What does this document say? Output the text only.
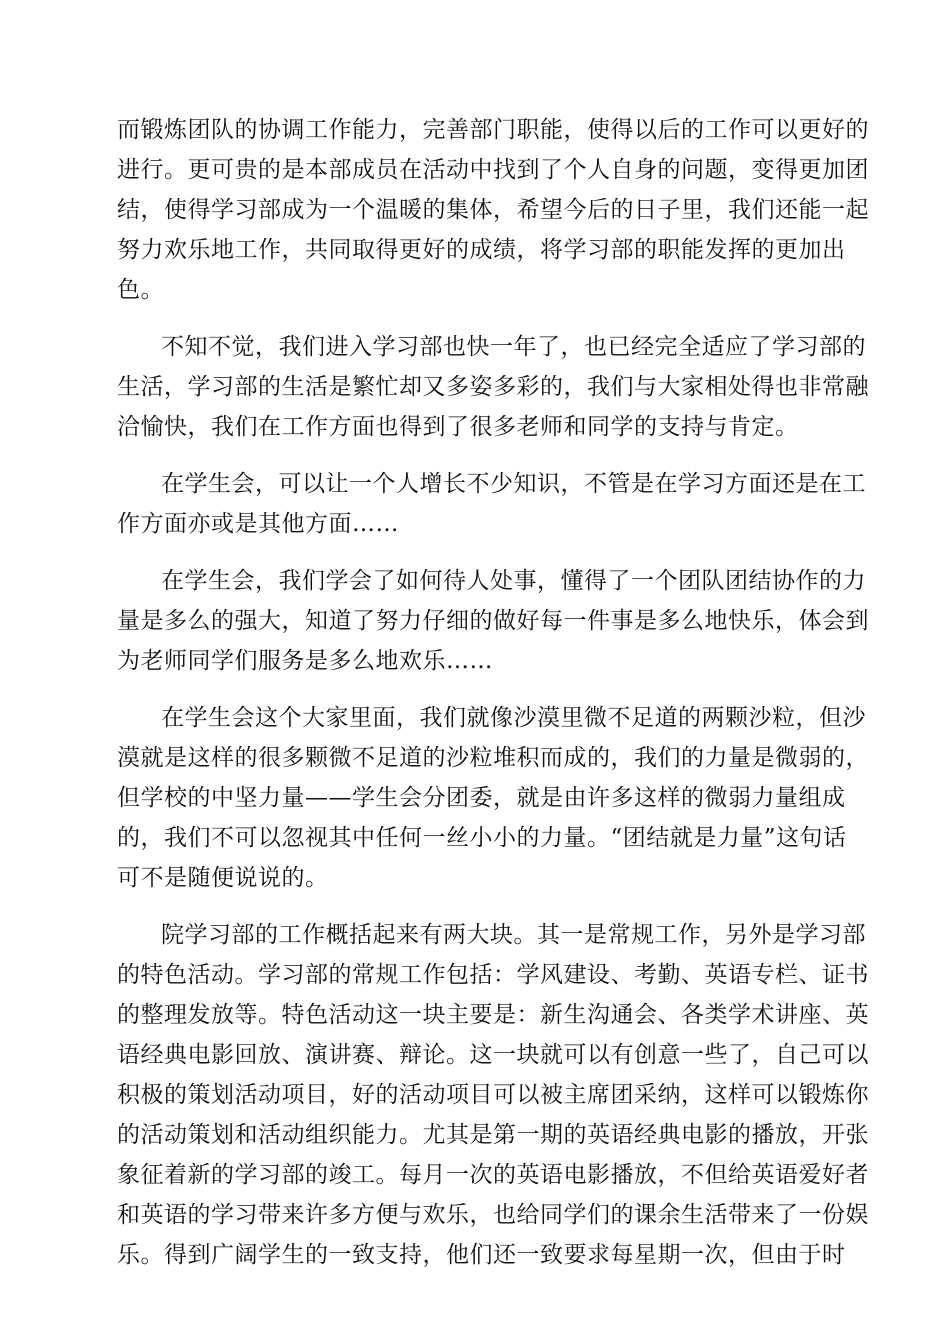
而锻炼团队的协调工作能力，完善部门职能，使得以后的工作可以更好的
进行。更可贵的是本部成员在活动中找到了个人自身的问题，变得更加团
结，使得学习部成为一个温暖的集体，希望今后的日子里，我们还能一起
努力欢乐地工作，共同取得更好的成绩，将学习部的职能发挥的更加出
色。
不知不觉，我们进入学习部也快一年了，也已经完全适应了学习部的
生活，学习部的生活是繁忙却又多姿多彩的，我们与大家相处得也非常融
洽愉快，我们在工作方面也得到了很多老师和同学的支持与肯定。
在学生会，可以让一个人增长不少知识，不管是在学习方面还是在工
作方面亦或是其他方面……
在学生会，我们学会了如何待人处事，懂得了一个团队团结协作的力
量是多么的强大，知道了努力仔细的做好每一件事是多么地快乐，体会到
为老师同学们服务是多么地欢乐……
在学生会这个大家里面，我们就像沙漠里微不足道的两颗沙粒，但沙
漠就是这样的很多颗微不足道的沙粒堆积而成的，我们的力量是微弱的，
但学校的中坚力量——学生会分团委，就是由许多这样的微弱力量组成
的，我们不可以忽视其中任何一丝小小的力量。“团结就是力量”这句话
可不是随便说说的。
院学习部的工作概括起来有两大块。其一是常规工作，另外是学习部
的特色活动。学习部的常规工作包括：学风建设、考勤、英语专栏、证书
的整理发放等。特色活动这一块主要是：新生沟通会、各类学术讲座、英
语经典电影回放、演讲赛、辩论。这一块就可以有创意一些了，自己可以
积极的策划活动项目，好的活动项目可以被主席团采纳，这样可以锻炼你
的活动策划和活动组织能力。尤其是第一期的英语经典电影的播放，开张
象征着新的学习部的竣工。每月一次的英语电影播放，不但给英语爱好者
和英语的学习带来许多方便与欢乐，也给同学们的课余生活带来了一份娱
乐。得到广阔学生的一致支持，他们还一致要求每星期一次，但由于时
